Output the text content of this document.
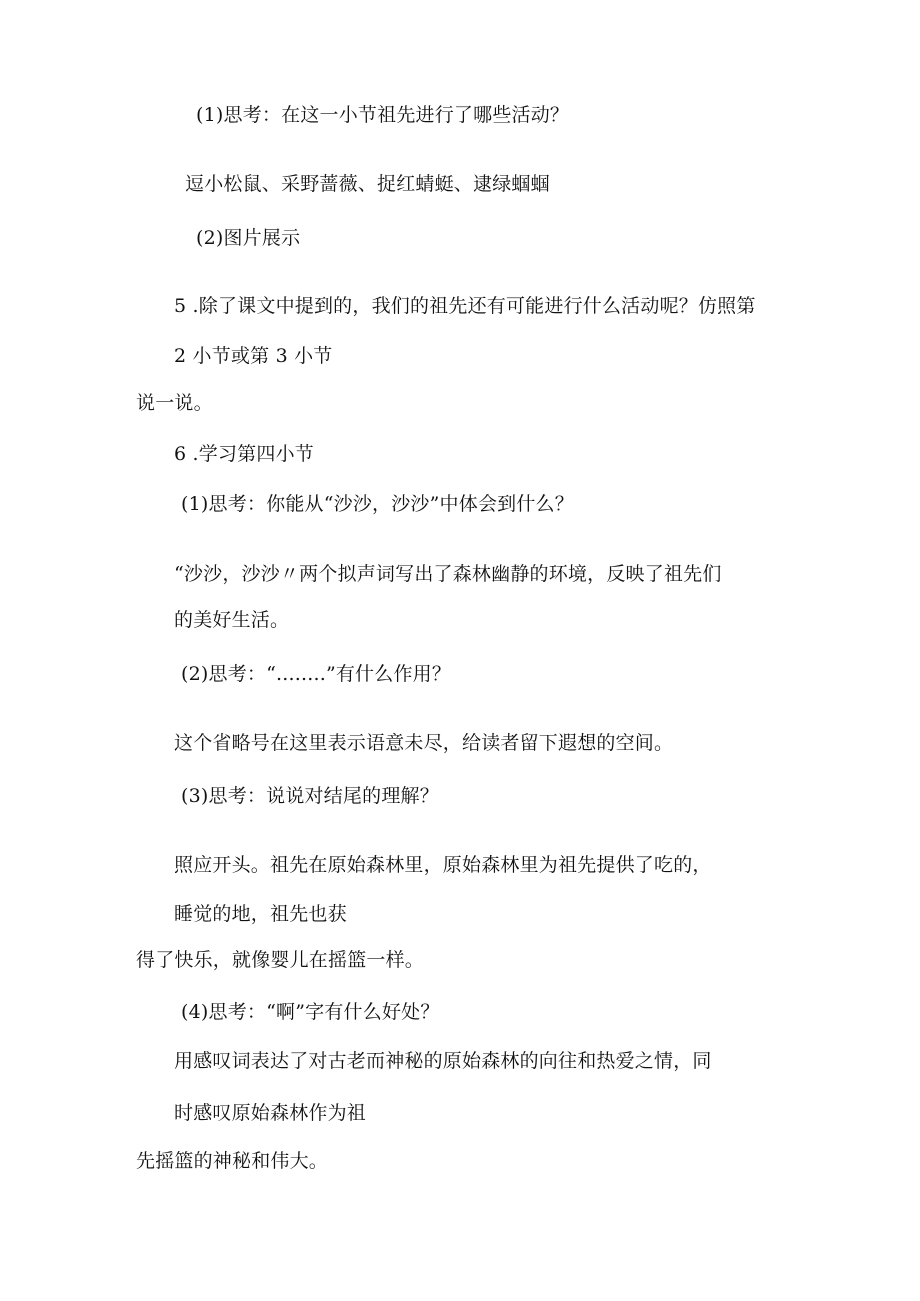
(1)思考：在这一小节祖先进行了哪些活动？
逗小松鼠、采野蔷薇、捉红蜻蜓、逮绿蝈蝈
(2)图片展示
5 .除了课文中提到的，我们的祖先还有可能进行什么活动呢？仿照第
2 小节或第 3 小节
说一说。
6 .学习第四小节
(1)思考：你能从“沙沙，沙沙”中体会到什么？
“沙沙，沙沙〃两个拟声词写出了森林幽静的环境，反映了祖先们
的美好生活。
(2)思考：“........”有什么作用？
这个省略号在这里表示语意未尽，给读者留下遐想的空间。
(3)思考：说说对结尾的理解？
照应开头。祖先在原始森林里，原始森林里为祖先提供了吃的，
睡觉的地，祖先也获
得了快乐，就像婴儿在摇篮一样。
(4)思考：“啊”字有什么好处？
用感叹词表达了对古老而神秘的原始森林的向往和热爱之情，同
时感叹原始森林作为祖
先摇篮的神秘和伟大。
